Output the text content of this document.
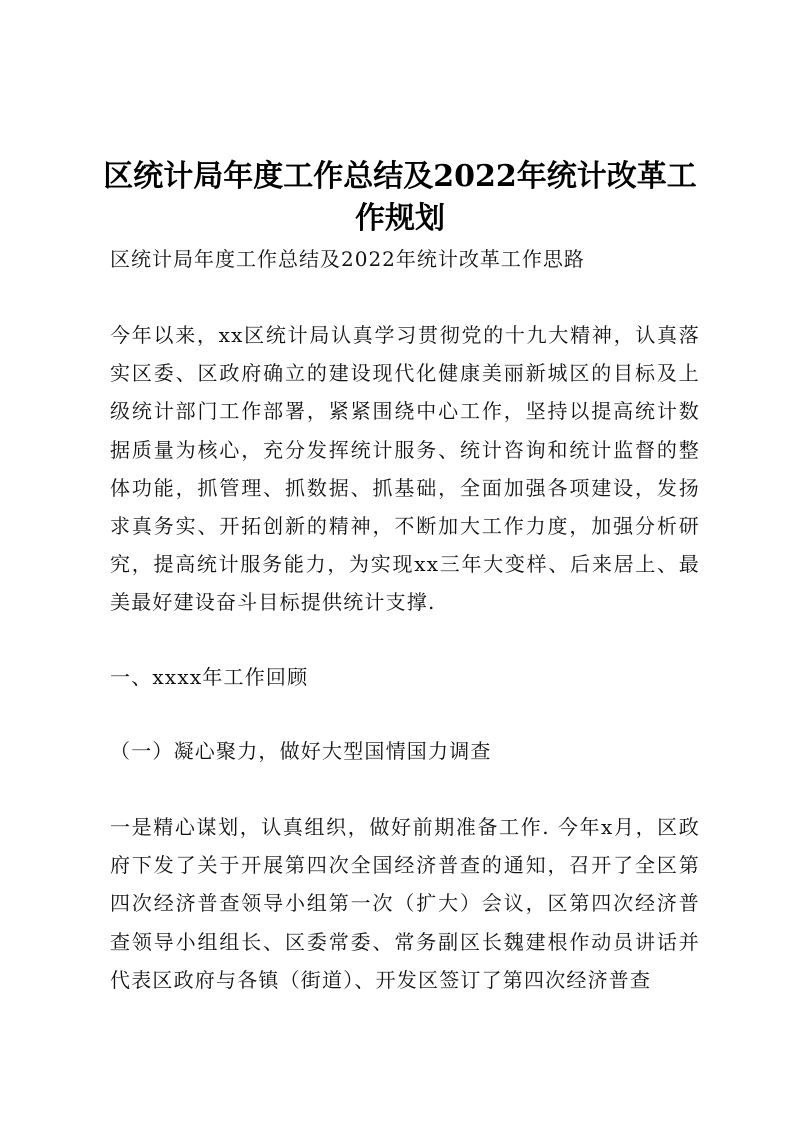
区统计局年度工作总结及2022年统计改革工作规划

区统计局年度工作总结及2022年统计改革工作思路

今年以来，xx区统计局认真学习贯彻党的十九大精神，认真落实区委、区政府确立的建设现代化健康美丽新城区的目标及上级统计部门工作部署，紧紧围绕中心工作，坚持以提高统计数据质量为核心，充分发挥统计服务、统计咨询和统计监督的整体功能，抓管理、抓数据、抓基础，全面加强各项建设，发扬求真务实、开拓创新的精神，不断加大工作力度，加强分析研究，提高统计服务能力，为实现xx三年大变样、后来居上、最美最好建设奋斗目标提供统计支撑.

一、xxxx年工作回顾

（一）凝心聚力，做好大型国情国力调查

一是精心谋划，认真组织，做好前期准备工作. 今年x月，区政府下发了关于开展第四次全国经济普查的通知，召开了全区第四次经济普查领导小组第一次（扩大）会议，区第四次经济普查领导小组组长、区委常委、常务副区长魏建根作动员讲话并代表区政府与各镇（街道）、开发区签订了第四次经济普查
